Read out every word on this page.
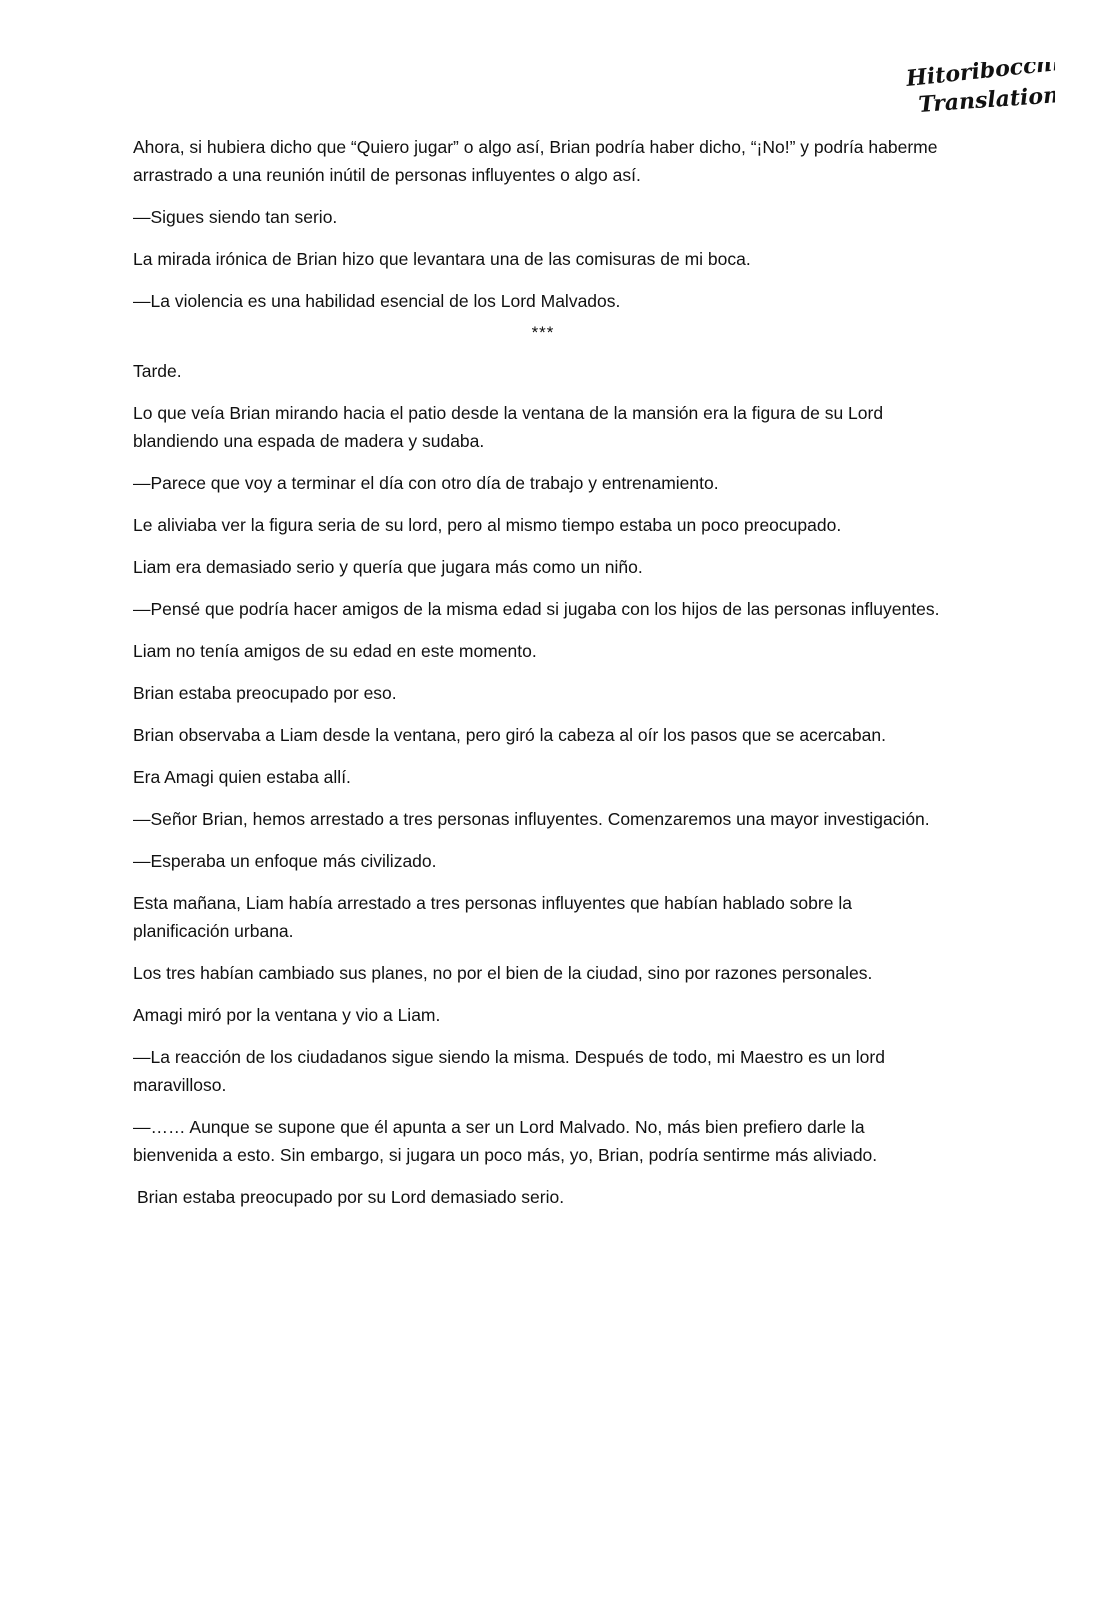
Hitoribocchi
Translation

Ahora, si hubiera dicho que “Quiero jugar” o algo así, Brian podría haber dicho, “¡No!” y podría haberme arrastrado a una reunión inútil de personas influyentes o algo así.

—Sigues siendo tan serio.

La mirada irónica de Brian hizo que levantara una de las comisuras de mi boca.

—La violencia es una habilidad esencial de los Lord Malvados.

***

Tarde.

Lo que veía Brian mirando hacia el patio desde la ventana de la mansión era la figura de su Lord blandiendo una espada de madera y sudaba.

—Parece que voy a terminar el día con otro día de trabajo y entrenamiento.

Le aliviaba ver la figura seria de su lord, pero al mismo tiempo estaba un poco preocupado.

Liam era demasiado serio y quería que jugara más como un niño.

—Pensé que podría hacer amigos de la misma edad si jugaba con los hijos de las personas influyentes.

Liam no tenía amigos de su edad en este momento.

Brian estaba preocupado por eso.

Brian observaba a Liam desde la ventana, pero giró la cabeza al oír los pasos que se acercaban.

Era Amagi quien estaba allí.

—Señor Brian, hemos arrestado a tres personas influyentes. Comenzaremos una mayor investigación.

—Esperaba un enfoque más civilizado.

Esta mañana, Liam había arrestado a tres personas influyentes que habían hablado sobre la planificación urbana.

Los tres habían cambiado sus planes, no por el bien de la ciudad, sino por razones personales.

Amagi miró por la ventana y vio a Liam.

—La reacción de los ciudadanos sigue siendo la misma. Después de todo, mi Maestro es un lord maravilloso.

—…… Aunque se supone que él apunta a ser un Lord Malvado. No, más bien prefiero darle la bienvenida a esto. Sin embargo, si jugara un poco más, yo, Brian, podría sentirme más aliviado.

Brian estaba preocupado por su Lord demasiado serio.
